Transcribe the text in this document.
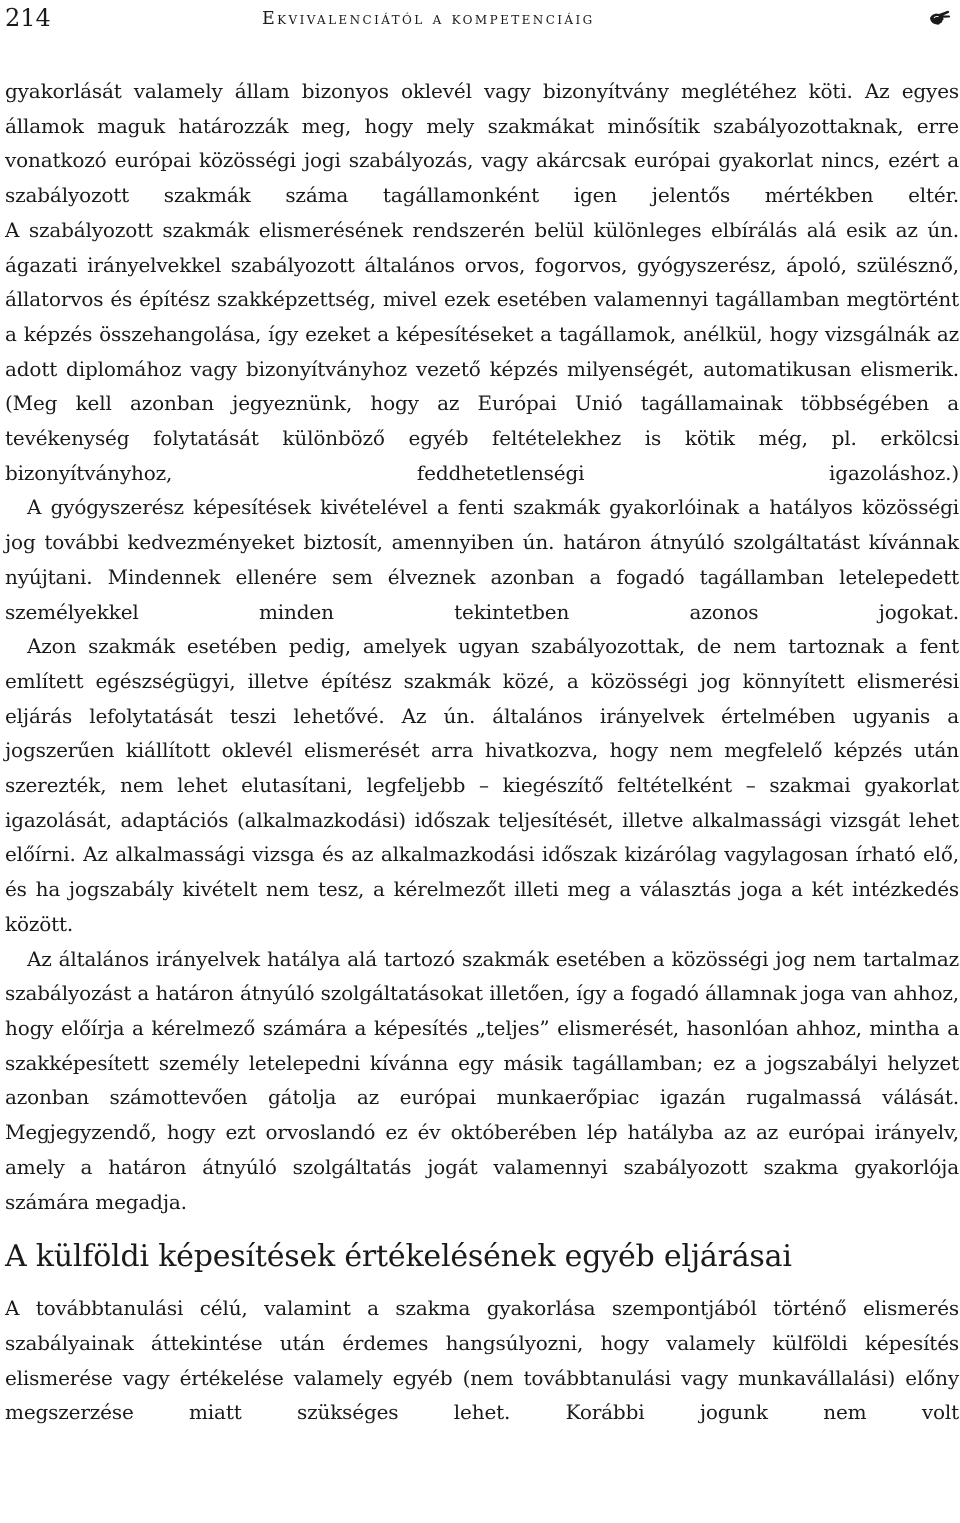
214	Ekvivalenciától a kompetenciáig

gyakorlását valamely állam bizonyos oklevél vagy bizonyítvány meglétéhez köti. Az egyes államok maguk határozzák meg, hogy mely szakmákat minősítik szabályozottaknak, erre vonatkozó európai közösségi jogi szabályozás, vagy akárcsak európai gyakorlat nincs, ezért a szabályozott szakmák száma tagállamonként igen jelentős mértékben eltér.

A szabályozott szakmák elismerésének rendszerén belül különleges elbírálás alá esik az ún. ágazati irányelvekkel szabályozott általános orvos, fogorvos, gyógyszerész, ápoló, szülésznő, állatorvos és építész szakképzettség, mivel ezek esetében valamennyi tagállamban megtörtént a képzés összehangolása, így ezeket a képesítéseket a tagállamok, anélkül, hogy vizsgálnák az adott diplomához vagy bizonyítványhoz vezető képzés milyenségét, automatikusan elismerik. (Meg kell azonban jegyeznünk, hogy az Európai Unió tagállamainak többségében a tevékenység folytatását különböző egyéb feltételekhez is kötik még, pl. erkölcsi bizonyítványhoz, feddhetetlenségi igazoláshoz.)

A gyógyszerész képesítések kivételével a fenti szakmák gyakorlóinak a hatályos közösségi jog további kedvezményeket biztosít, amennyiben ún. határon átnyúló szolgáltatást kívánnak nyújtani. Mindennek ellenére sem élveznek azonban a fogadó tagállamban letelepedett személyekkel minden tekintetben azonos jogokat.

Azon szakmák esetében pedig, amelyek ugyan szabályozottak, de nem tartoznak a fent említett egészségügyi, illetve építész szakmák közé, a közösségi jog könnyített elismerési eljárás lefolytatását teszi lehetővé. Az ún. általános irányelvek értelmében ugyanis a jogszerűen kiállított oklevél elismerését arra hivatkozva, hogy nem megfelelő képzés után szerezték, nem lehet elutasítani, legfeljebb – kiegészítő feltételként – szakmai gyakorlat igazolását, adaptációs (alkalmazkodási) időszak teljesítését, illetve alkalmassági vizsgát lehet előírni. Az alkalmassági vizsga és az alkalmazkodási időszak kizárólag vagylagosan írható elő, és ha jogszabály kivételt nem tesz, a kérelmezőt illeti meg a választás joga a két intézkedés között.

Az általános irányelvek hatálya alá tartozó szakmák esetében a közösségi jog nem tartalmaz szabályozást a határon átnyúló szolgáltatásokat illetően, így a fogadó államnak joga van ahhoz, hogy előírja a kérelmező számára a képesítés „teljes” elismerését, hasonlóan ahhoz, mintha a szakképesített személy letelepedni kívánna egy másik tagállamban; ez a jogszabályi helyzet azonban számottevően gátolja az európai munkaerőpiac igazán rugalmassá válását. Megjegyzendő, hogy ezt orvoslandó ez év októberében lép hatályba az az európai irányelv, amely a határon átnyúló szolgáltatás jogát valamennyi szabályozott szakma gyakorlója számára megadja.

A külföldi képesítések értékelésének egyéb eljárásai

A továbbtanulási célú, valamint a szakma gyakorlása szempontjából történő elismerés szabályainak áttekintése után érdemes hangsúlyozni, hogy valamely külföldi képesítés elismerése vagy értékelése valamely egyéb (nem továbbtanulási vagy munkavállalási) előny megszerzése miatt szükséges lehet. Korábbi jogunk nem volt
